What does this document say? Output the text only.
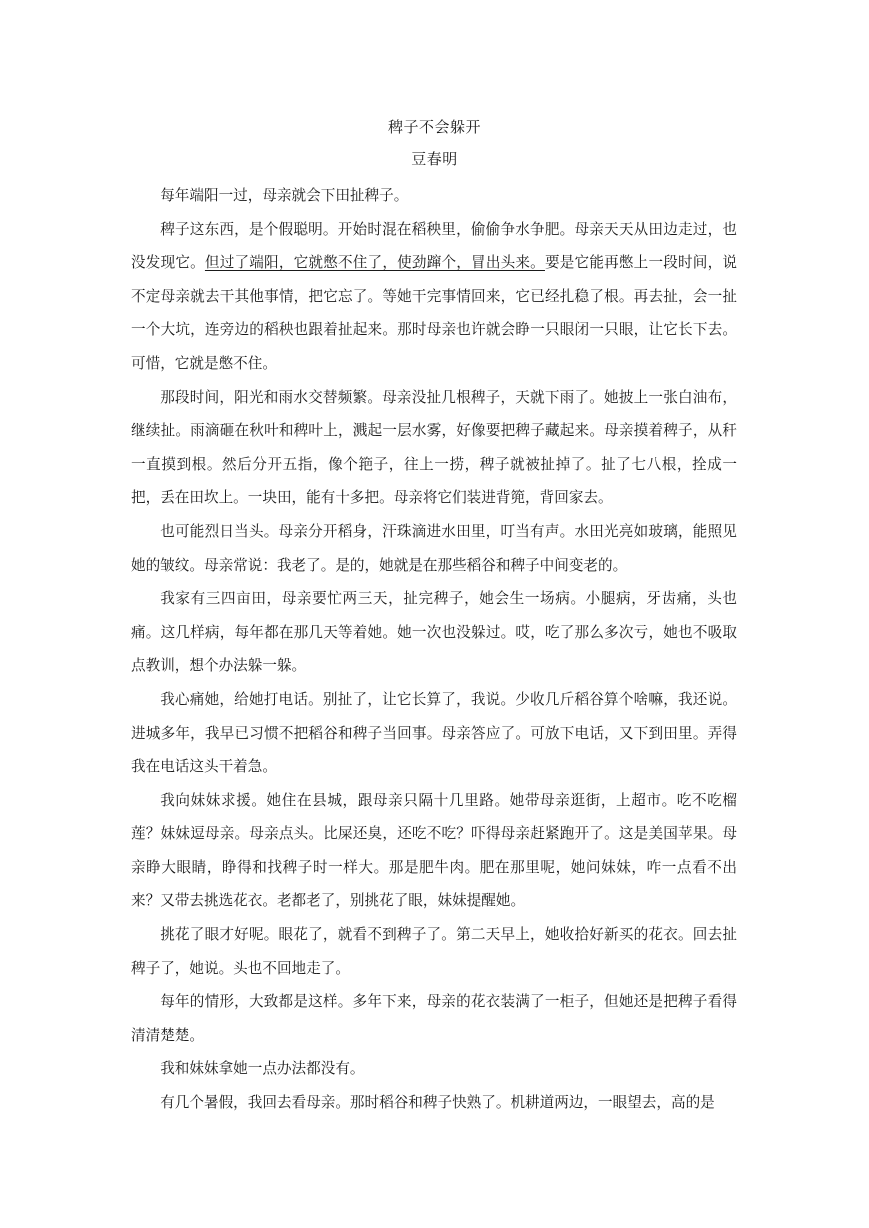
稗子不会躲开
豆春明

每年端阳一过，母亲就会下田扯稗子。

稗子这东西，是个假聪明。开始时混在稻秧里，偷偷争水争肥。母亲天天从田边走过，也没发现它。但过了端阳，它就憋不住了，使劲蹿个，冒出头来。要是它能再憋上一段时间，说不定母亲就去干其他事情，把它忘了。等她干完事情回来，它已经扎稳了根。再去扯，会一扯一个大坑，连旁边的稻秧也跟着扯起来。那时母亲也许就会睁一只眼闭一只眼，让它长下去。可惜，它就是憋不住。

那段时间，阳光和雨水交替频繁。母亲没扯几根稗子，天就下雨了。她披上一张白油布，继续扯。雨滴砸在秋叶和稗叶上，溅起一层水雾，好像要把稗子藏起来。母亲摸着稗子，从秆一直摸到根。然后分开五指，像个筢子，往上一捞，稗子就被扯掉了。扯了七八根，拴成一把，丢在田坎上。一块田，能有十多把。母亲将它们装进背篼，背回家去。

也可能烈日当头。母亲分开稻身，汗珠滴进水田里，叮当有声。水田光亮如玻璃，能照见她的皱纹。母亲常说：我老了。是的，她就是在那些稻谷和稗子中间变老的。

我家有三四亩田，母亲要忙两三天，扯完稗子，她会生一场病。小腿病，牙齿痛，头也痛。这几样病，每年都在那几天等着她。她一次也没躲过。哎，吃了那么多次亏，她也不吸取点教训，想个办法躲一躲。

我心痛她，给她打电话。别扯了，让它长算了，我说。少收几斤稻谷算个啥嘛，我还说。进城多年，我早已习惯不把稻谷和稗子当回事。母亲答应了。可放下电话，又下到田里。弄得我在电话这头干着急。

我向妹妹求援。她住在县城，跟母亲只隔十几里路。她带母亲逛街，上超市。吃不吃榴莲？妹妹逗母亲。母亲点头。比屎还臭，还吃不吃？吓得母亲赶紧跑开了。这是美国苹果。母亲睁大眼睛，睁得和找稗子时一样大。那是肥牛肉。肥在那里呢，她问妹妹，咋一点看不出来？又带去挑选花衣。老都老了，别挑花了眼，妹妹提醒她。

挑花了眼才好呢。眼花了，就看不到稗子了。第二天早上，她收拾好新买的花衣。回去扯稗子了，她说。头也不回地走了。

每年的情形，大致都是这样。多年下来，母亲的花衣装满了一柜子，但她还是把稗子看得清清楚楚。

我和妹妹拿她一点办法都没有。

有几个暑假，我回去看母亲。那时稻谷和稗子快熟了。机耕道两边，一眼望去，高的是
